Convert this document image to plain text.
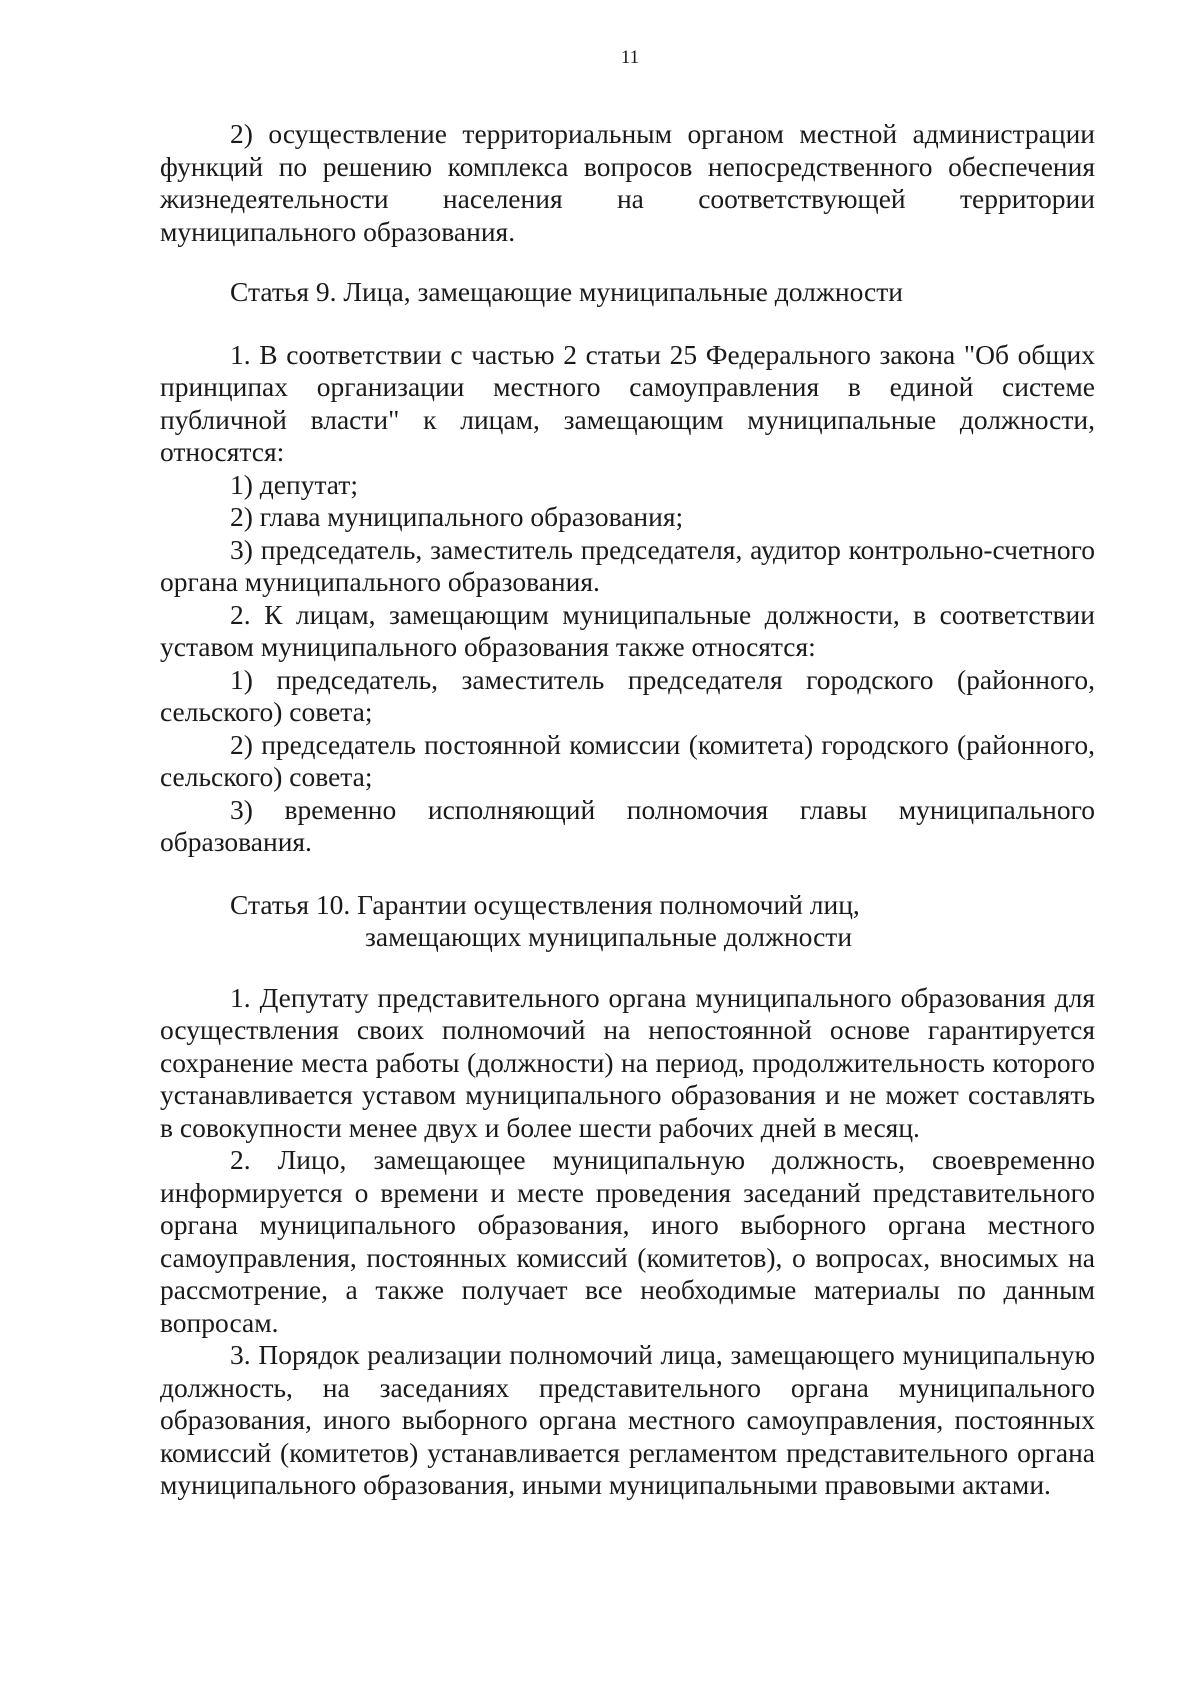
11

2) осуществление территориальным органом местной администрации функций по решению комплекса вопросов непосредственного обеспечения жизнедеятельности населения на соответствующей территории муниципального образования.

Статья 9. Лица, замещающие муниципальные должности

1. В соответствии с частью 2 статьи 25 Федерального закона "Об общих принципах организации местного самоуправления в единой системе публичной власти" к лицам, замещающим муниципальные должности, относятся:

1) депутат;

2) глава муниципального образования;

3) председатель, заместитель председателя, аудитор контрольно-счетного органа муниципального образования.

2. К лицам, замещающим муниципальные должности, в соответствии уставом муниципального образования также относятся:

1) председатель, заместитель председателя городского (районного, сельского) совета;

2) председатель постоянной комиссии (комитета) городского (районного, сельского) совета;

3) временно исполняющий полномочия главы муниципального образования.

Статья 10. Гарантии осуществления полномочий лиц,

замещающих муниципальные должности

1. Депутату представительного органа муниципального образования для осуществления своих полномочий на непостоянной основе гарантируется сохранение места работы (должности) на период, продолжительность которого устанавливается уставом муниципального образования и не может составлять в совокупности менее двух и более шести рабочих дней в месяц.

2. Лицо, замещающее муниципальную должность, своевременно информируется о времени и месте проведения заседаний представительного органа муниципального образования, иного выборного органа местного самоуправления, постоянных комиссий (комитетов), о вопросах, вносимых на рассмотрение, а также получает все необходимые материалы по данным вопросам.

3. Порядок реализации полномочий лица, замещающего муниципальную должность, на заседаниях представительного органа муниципального образования, иного выборного органа местного самоуправления, постоянных комиссий (комитетов) устанавливается регламентом представительного органа муниципального образования, иными муниципальными правовыми актами.
